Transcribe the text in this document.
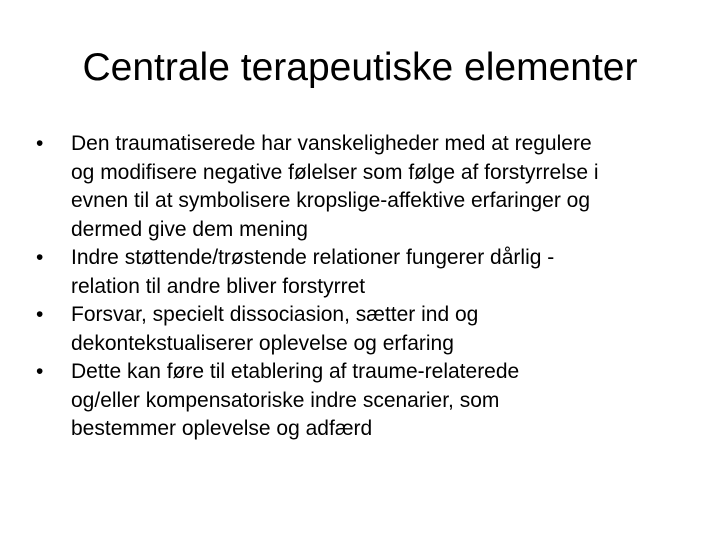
Centrale terapeutiske elementer
•	Den traumatiserede har vanskeligheder med at regulere
og modifisere negative følelser som følge af forstyrrelse i
evnen til at symbolisere kropslige-affektive erfaringer og
dermed give dem mening
•	Indre støttende/trøstende relationer fungerer dårlig -
relation til andre bliver forstyrret
•	Forsvar, specielt dissociasion, sætter ind og
dekontekstualiserer oplevelse og erfaring
•	Dette kan føre til etablering af traume-relaterede
og/eller kompensatoriske indre scenarier, som
bestemmer oplevelse og adfærd
